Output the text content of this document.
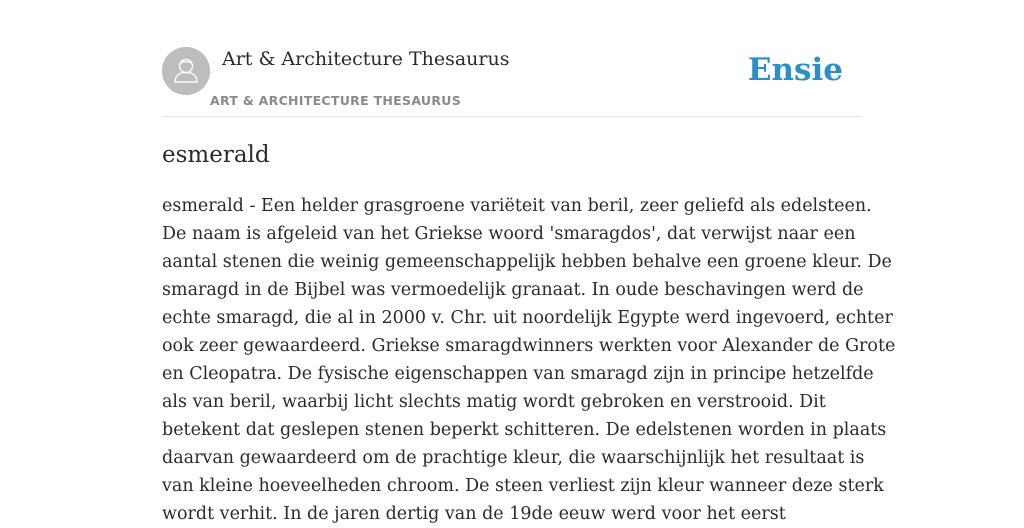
Art & Architecture Thesaurus
ART & ARCHITECTURE THESAURUS
Ensie
esmerald
esmerald - Een helder grasgroene variëteit van beril, zeer geliefd als edelsteen.
De naam is afgeleid van het Griekse woord 'smaragdos', dat verwijst naar een
aantal stenen die weinig gemeenschappelijk hebben behalve een groene kleur. De
smaragd in de Bijbel was vermoedelijk granaat. In oude beschavingen werd de
echte smaragd, die al in 2000 v. Chr. uit noordelijk Egypte werd ingevoerd, echter
ook zeer gewaardeerd. Griekse smaragdwinners werkten voor Alexander de Grote
en Cleopatra. De fysische eigenschappen van smaragd zijn in principe hetzelfde
als van beril, waarbij licht slechts matig wordt gebroken en verstrooid. Dit
betekent dat geslepen stenen beperkt schitteren. De edelstenen worden in plaats
daarvan gewaardeerd om de prachtige kleur, die waarschijnlijk het resultaat is
van kleine hoeveelheden chroom. De steen verliest zijn kleur wanneer deze sterk
wordt verhit. In de jaren dertig van de 19de eeuw werd voor het eerst
